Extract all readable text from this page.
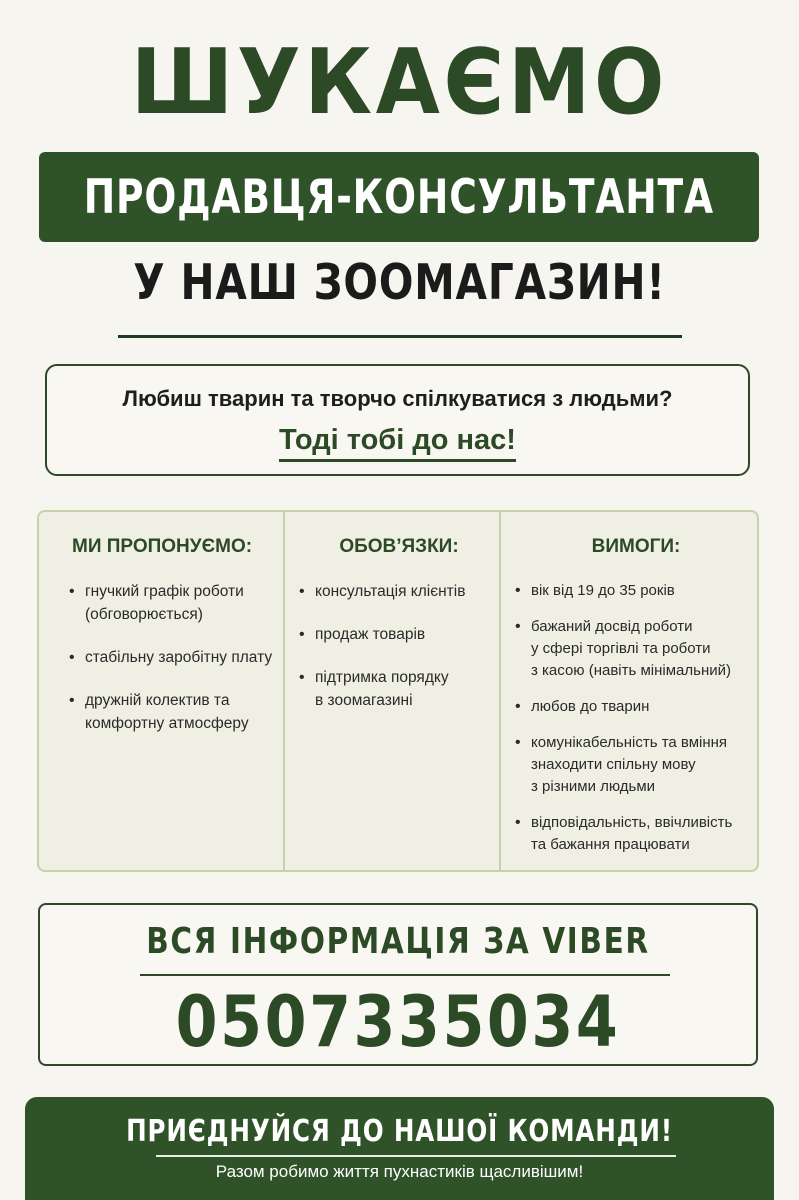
ШУКАЄМО
ПРОДАВЦЯ-КОНСУЛЬТАНТА
У НАШ ЗООМАГАЗИН!
Любиш тварин та творчо спілкуватися з людьми?
Тоді тобі до нас!
МИ ПРОПОНУЄМО:
• гнучкий графік роботи
(обговорюється)
• стабільну заробітну плату
• дружній колектив та
комфортну атмосферу
ОБОВ’ЯЗКИ:
• консультація клієнтів
• продаж товарів
• підтримка порядку
в зоомагазині
ВИМОГИ:
• вік від 19 до 35 років
• бажаний досвід роботи
у сфері торгівлі та роботи
з касою (навіть мінімальний)
• любов до тварин
• комунікабельність та вміння
знаходити спільну мову
з різними людьми
• відповідальність, ввічливість
та бажання працювати
ВСЯ ІНФОРМАЦІЯ ЗА VIBER
0507335034
ПРИЄДНУЙСЯ ДО НАШОЇ КОМАНДИ!
Разом робимо життя пухнастиків щасливішим!
